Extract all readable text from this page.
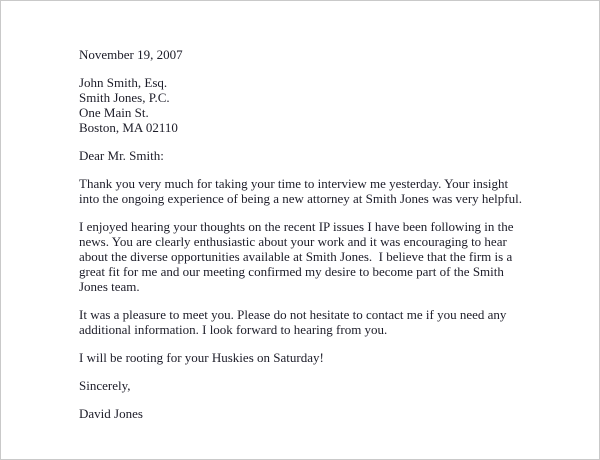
November 19, 2007

John Smith, Esq.

Smith Jones, P.C.

One Main St.

Boston, MA 02110

Dear Mr. Smith:

Thank you very much for taking your time to interview me yesterday. Your insight into the ongoing experience of being a new attorney at Smith Jones was very helpful.

I enjoyed hearing your thoughts on the recent IP issues I have been following in the news. You are clearly enthusiastic about your work and it was encouraging to hear about the diverse opportunities available at Smith Jones.  I believe that the firm is a great fit for me and our meeting confirmed my desire to become part of the Smith Jones team.

It was a pleasure to meet you. Please do not hesitate to contact me if you need any additional information. I look forward to hearing from you.

I will be rooting for your Huskies on Saturday!

Sincerely,

David Jones
